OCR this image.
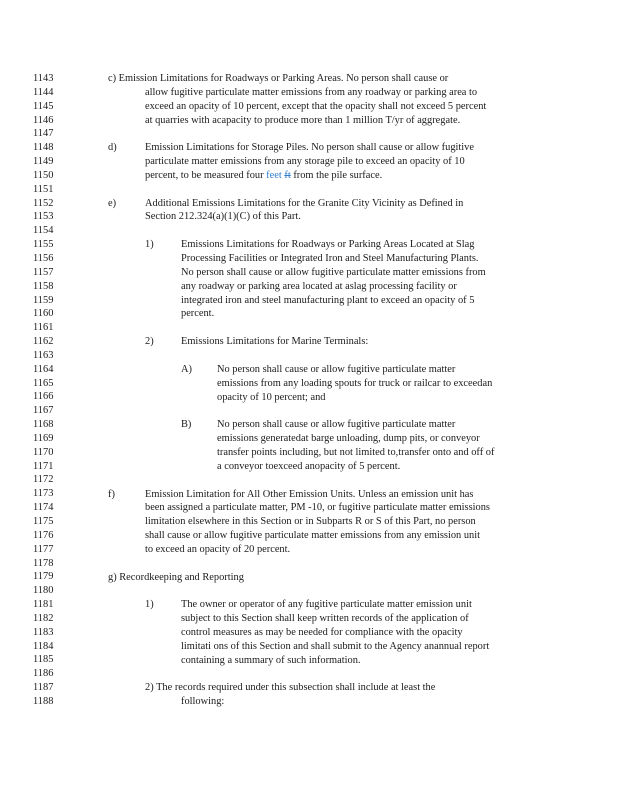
1143
1144
1145
1146
1147
1148
1149
1150
1151
1152
1153
1154
1155
1156
1157
1158
1159
1160
1161
1162
1163
1164
1165
1166
1167
1168
1169
1170
1171
1172
1173
1174
1175
1176
1177
1178
1179
1180
1181
1182
1183
1184
1185
1186
1187
1188
c) Emission Limitations for Roadways or Parking Areas. No person shall cause or
allow fugitive particulate matter emissions from any roadway or parking area to
exceed an opacity of 10 percent, except that the opacity shall not exceed 5 percent
at quarries with acapacity to produce more than 1 million T/yr of aggregate.
d)	Emission Limitations for Storage Piles. No person shall cause or allow fugitive
particulate matter emissions from any storage pile to exceed an opacity of 10
percent, to be measured four feet ft from the pile surface.
e)	Additional Emissions Limitations for the Granite City Vicinity as Defined in
Section 212.324(a)(1)(C) of this Part.
1)	Emissions Limitations for Roadways or Parking Areas Located at Slag
Processing Facilities or Integrated Iron and Steel Manufacturing Plants.
No person shall cause or allow fugitive particulate matter emissions from
any roadway or parking area located at aslag processing facility or
integrated iron and steel manufacturing plant to exceed an opacity of 5
percent.
2)	Emissions Limitations for Marine Terminals:
A) No person shall cause or allow fugitive particulate matter
emissions from any loading spouts for truck or railcar to exceedan
opacity of 10 percent; and
B) No person shall cause or allow fugitive particulate matter
emissions generatedat barge unloading, dump pits, or conveyor
transfer points including, but not limited to,transfer onto and off of
a conveyor toexceed anopacity of 5 percent.
f)	Emission Limitation for All Other Emission Units. Unless an emission unit has
been assigned a particulate matter, PM -10, or fugitive particulate matter emissions
limitation elsewhere in this Section or in Subparts R or S of this Part, no person
shall cause or allow fugitive particulate matter emissions from any emission unit
to exceed an opacity of 20 percent.
g) Recordkeeping and Reporting
1)	The owner or operator of any fugitive particulate matter emission unit
subject to this Section shall keep written records of the application of
control measures as may be needed for compliance with the opacity
limitati ons of this Section and shall submit to the Agency anannual report
containing a summary of such information.
2) The records required under this subsection shall include at least the
following:
